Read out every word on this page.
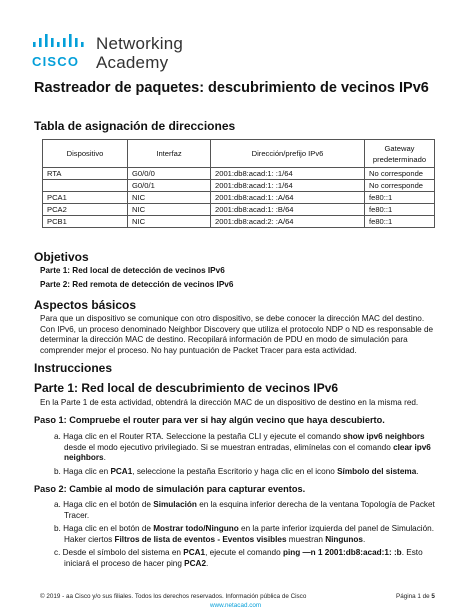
CISCO
Networking
Academy
Rastreador de paquetes: descubrimiento de vecinos IPv6
Tabla de asignación de direcciones
Dispositivo	Interfaz	Dirección/prefijo IPv6	Gateway predeterminado
RTA	G0/0/0	2001:db8:acad:1: :1/64	No corresponde
	G0/0/1	2001:db8:acad:1: :1/64	No corresponde
PCA1	NIC	2001:db8:acad:1: :A/64	fe80::1
PCA2	NIC	2001:db8:acad:1: :B/64	fe80::1
PCB1	NIC	2001:db8:acad:2: :A/64	fe80::1
Objetivos
Parte 1: Red local de detección de vecinos IPv6
Parte 2: Red remota de detección de vecinos IPv6
Aspectos básicos
Para que un dispositivo se comunique con otro dispositivo, se debe conocer la dirección MAC del destino.
Con IPv6, un proceso denominado Neighbor Discovery que utiliza el protocolo NDP o ND es responsable de
determinar la dirección MAC de destino. Recopilará información de PDU en modo de simulación para
comprender mejor el proceso. No hay puntuación de Packet Tracer para esta actividad.
Instrucciones
Parte 1: Red local de descubrimiento de vecinos IPv6
En la Parte 1 de esta actividad, obtendrá la dirección MAC de un dispositivo de destino en la misma red.
Paso 1: Compruebe el router para ver si hay algún vecino que haya descubierto.
a. Haga clic en el Router RTA. Seleccione la pestaña CLI y ejecute el comando show ipv6 neighbors
desde el modo ejecutivo privilegiado. Si se muestran entradas, elimínelas con el comando clear ipv6
neighbors.
b. Haga clic en PCA1, seleccione la pestaña Escritorio y haga clic en el icono Símbolo del sistema.
Paso 2: Cambie al modo de simulación para capturar eventos.
a. Haga clic en el botón de Simulación en la esquina inferior derecha de la ventana Topología de Packet
Tracer.
b. Haga clic en el botón de Mostrar todo/Ninguno en la parte inferior izquierda del panel de Simulación.
Haker ciertos Filtros de lista de eventos - Eventos visibles muestran Ningunos.
c. Desde el símbolo del sistema en PCA1, ejecute el comando ping —n 1 2001:db8:acad:1: :b. Esto
iniciará el proceso de hacer ping PCA2.
© 2019 - aa Cisco y/o sus filiales. Todos los derechos reservados. Información pública de Cisco	Página 1 de 5
www.netacad.com
